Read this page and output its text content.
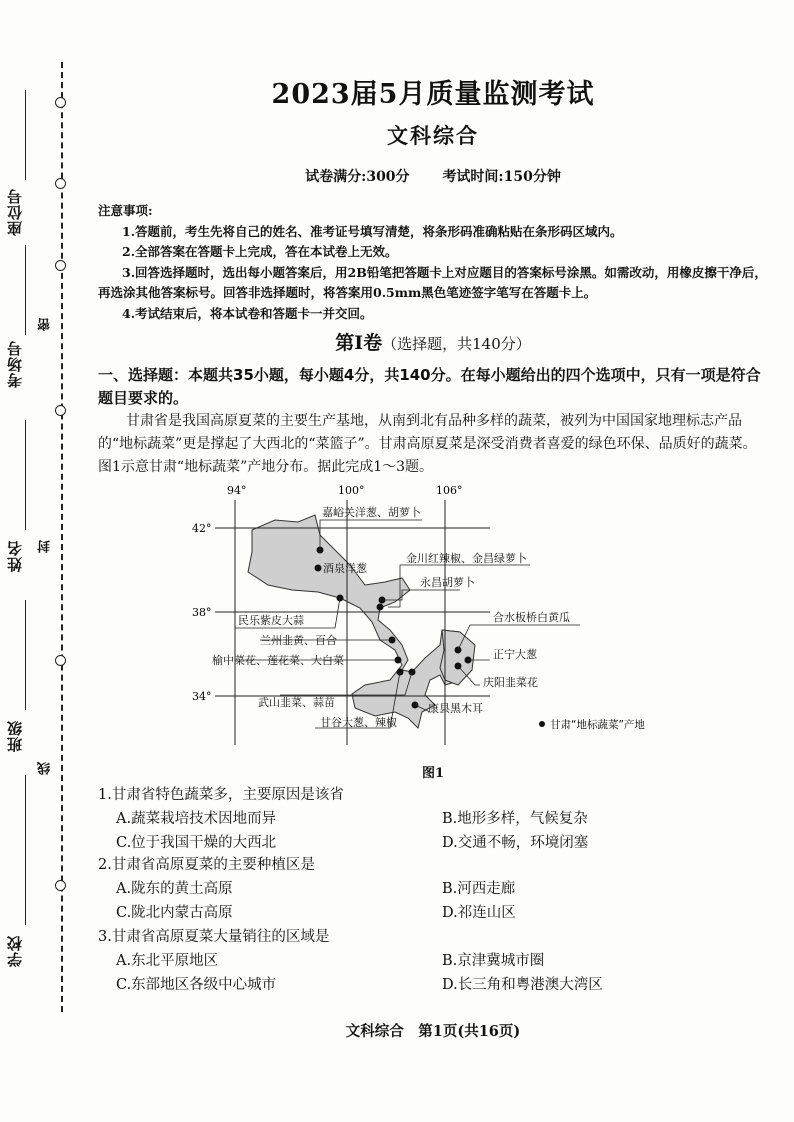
座位号
考场号
密
姓名 封
班级
线
学校
2023届5月质量监测考试
文科综合
试卷满分:300分 考试时间:150分钟
注意事项:
1.答题前，考生先将自己的姓名、准考证号填写清楚，将条形码准确粘贴在条形码区域内。
2.全部答案在答题卡上完成，答在本试卷上无效。
3.回答选择题时，选出每小题答案后，用2B铅笔把答题卡上对应题目的答案标号涂黑。如需改动，用橡皮擦干净后，再选涂其他答案标号。回答非选择题时，将答案用0.5mm黑色笔迹签字笔写在答题卡上。
4.考试结束后，将本试卷和答题卡一并交回。
第Ⅰ卷（选择题，共140分）
一、选择题：本题共35小题，每小题4分，共140分。在每小题给出的四个选项中，只有一项是符合题目要求的。
甘肃省是我国高原夏菜的主要生产基地，从南到北有品种多样的蔬菜，被列为中国国家地理标志产品的“地标蔬菜”更是撑起了大西北的“菜篮子”。甘肃高原夏菜是深受消费者喜爱的绿色环保、品质好的蔬菜。图1示意甘肃“地标蔬菜”产地分布。据此完成1～3题。
94°	100°	106°
42°
38°
34°
嘉峪关洋葱、胡萝卜
酒泉洋葱
金川红辣椒、金昌绿萝卜
永昌胡萝卜
民乐紫皮大蒜	合水板桥白黄瓜
兰州韭黄、百合
正宁大葱
榆中菜花、莲花菜、大白菜
庆阳韭菜花
武山韭菜、蒜苗	康县黑木耳
甘谷大葱、辣椒	甘肃“地标蔬菜”产地
图1
1.甘肃省特色蔬菜多，主要原因是该省
A.蔬菜栽培技术因地而异	B.地形多样，气候复杂
C.位于我国干燥的大西北	D.交通不畅，环境闭塞
2.甘肃省高原夏菜的主要种植区是
A.陇东的黄土高原	B.河西走廊
C.陇北内蒙古高原	D.祁连山区
3.甘肃省高原夏菜大量销往的区域是
A.东北平原地区	B.京津冀城市圈
C.东部地区各级中心城市	D.长三角和粤港澳大湾区
文科综合　第1页(共16页)
